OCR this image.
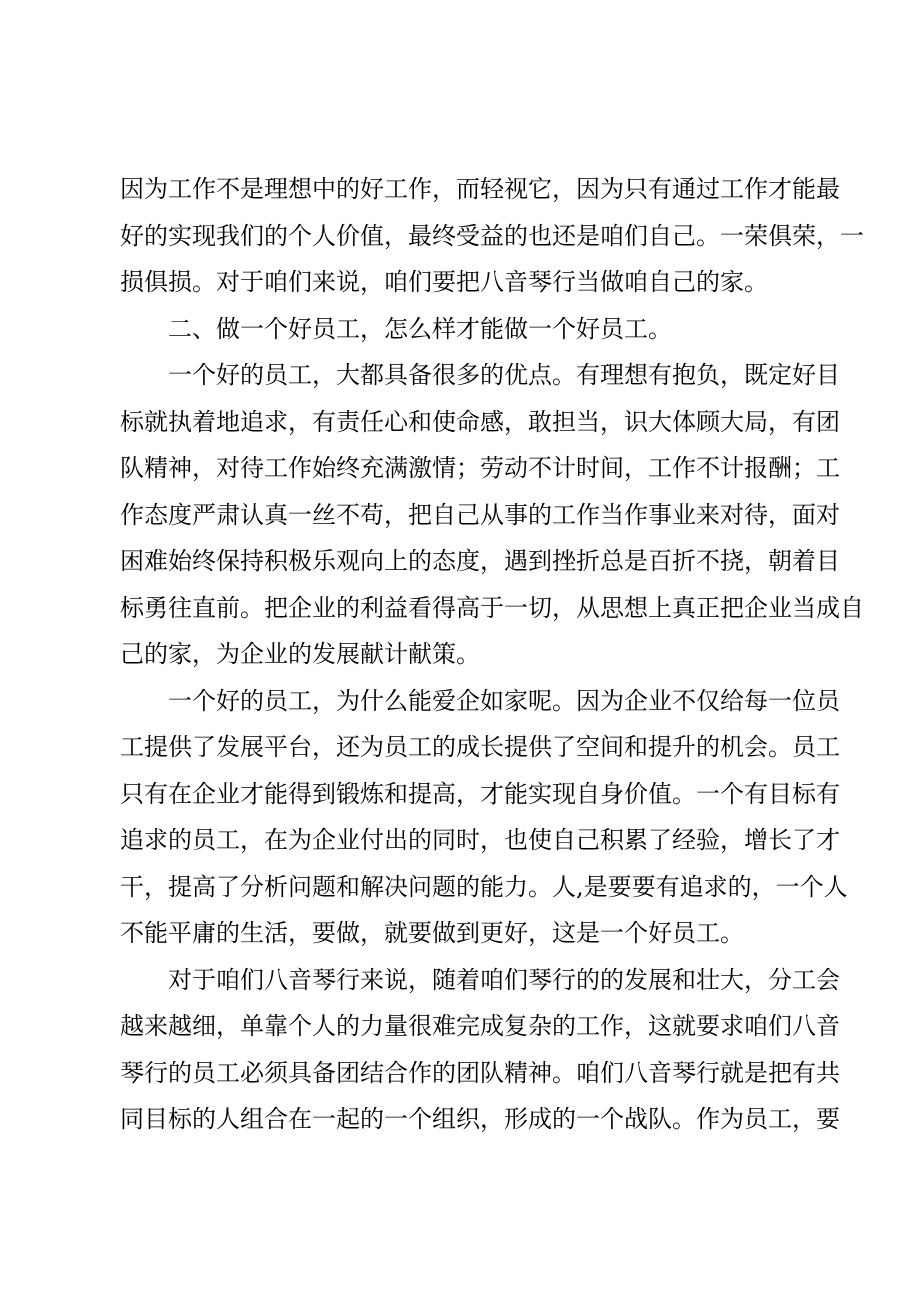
因为工作不是理想中的好工作，而轻视它，因为只有通过工作才能最
好的实现我们的个人价值，最终受益的也还是咱们自己。一荣俱荣，一
损俱损。对于咱们来说，咱们要把八音琴行当做咱自己的家。
二、做一个好员工，怎么样才能做一个好员工。
一个好的员工，大都具备很多的优点。有理想有抱负，既定好目
标就执着地追求，有责任心和使命感，敢担当，识大体顾大局，有团
队精神，对待工作始终充满激情；劳动不计时间，工作不计报酬；工
作态度严肃认真一丝不苟，把自己从事的工作当作事业来对待，面对
困难始终保持积极乐观向上的态度，遇到挫折总是百折不挠，朝着目
标勇往直前。把企业的利益看得高于一切，从思想上真正把企业当成自
己的家，为企业的发展献计献策。
一个好的员工，为什么能爱企如家呢。因为企业不仅给每一位员
工提供了发展平台，还为员工的成长提供了空间和提升的机会。员工
只有在企业才能得到锻炼和提高，才能实现自身价值。一个有目标有
追求的员工，在为企业付出的同时，也使自己积累了经验，增长了才
干，提高了分析问题和解决问题的能力。人,是要要有追求的，一个人
不能平庸的生活，要做，就要做到更好，这是一个好员工。
对于咱们八音琴行来说，随着咱们琴行的的发展和壮大，分工会
越来越细，单靠个人的力量很难完成复杂的工作，这就要求咱们八音
琴行的员工必须具备团结合作的团队精神。咱们八音琴行就是把有共
同目标的人组合在一起的一个组织，形成的一个战队。作为员工，要
